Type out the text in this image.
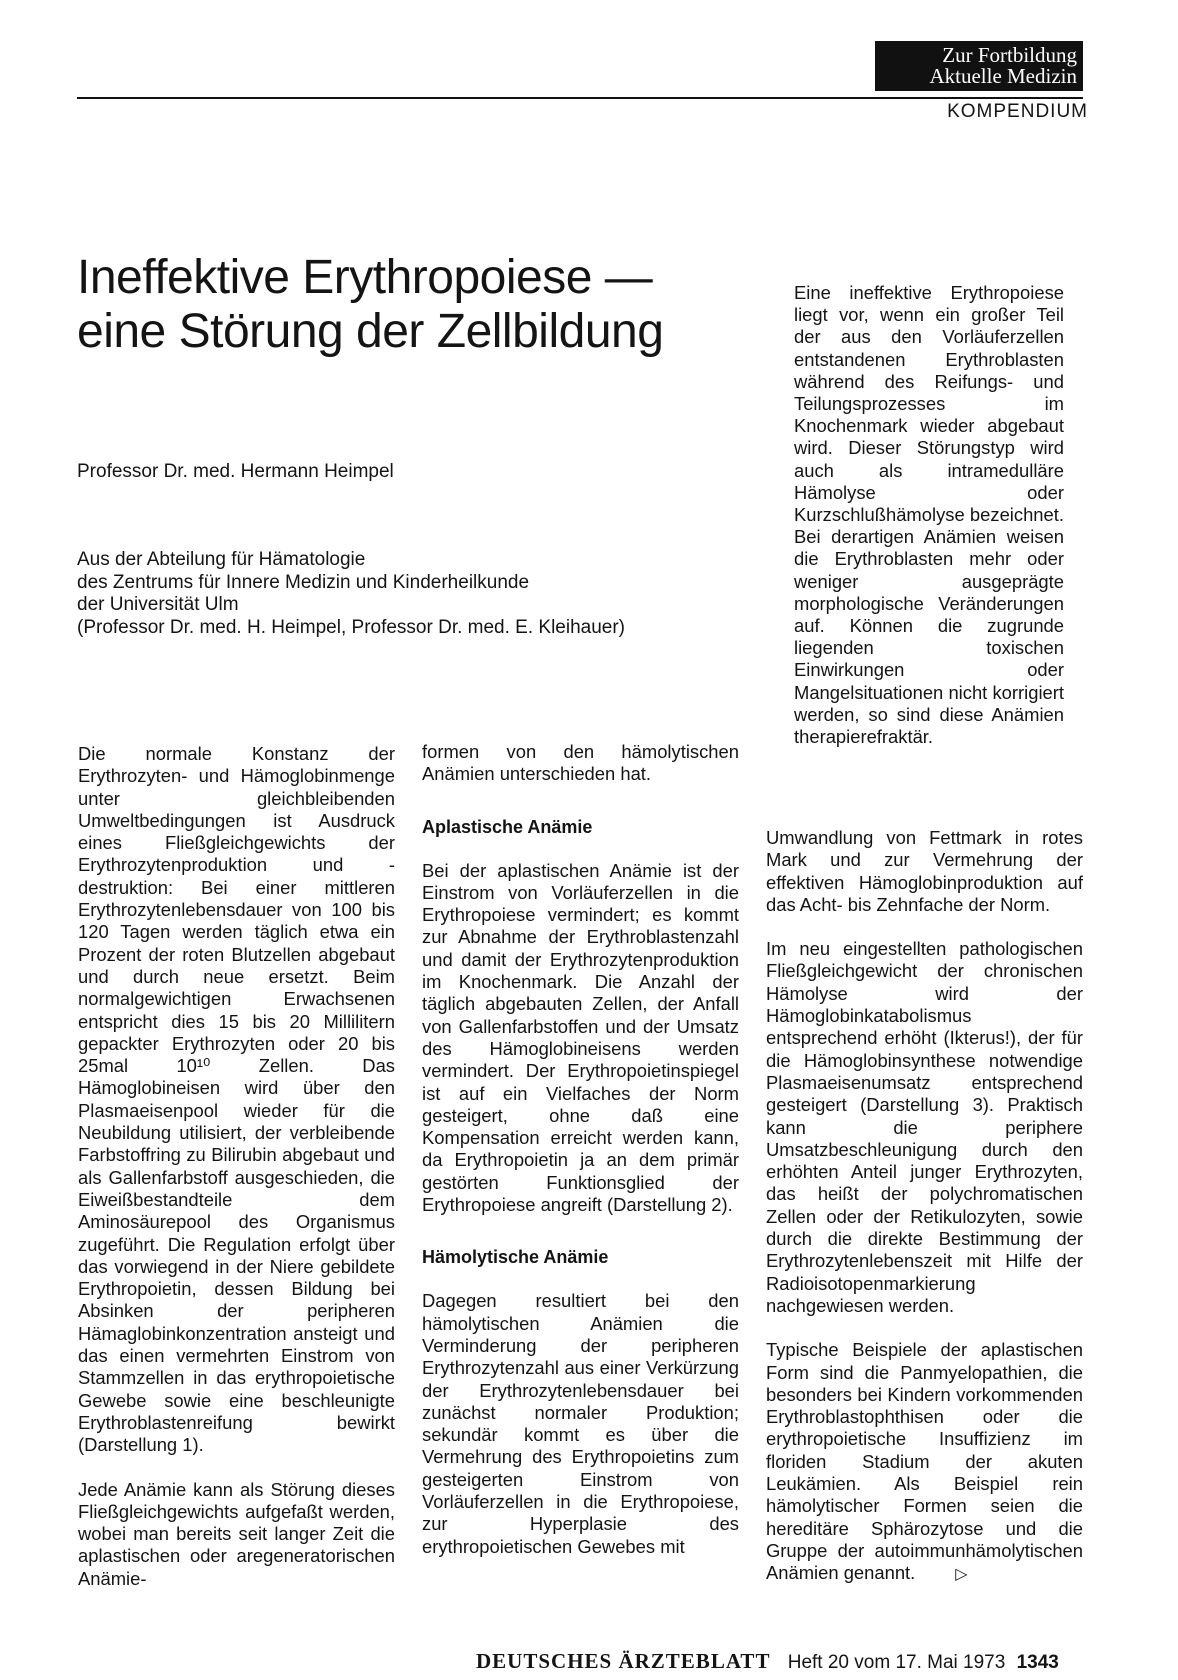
Zur Fortbildung
Aktuelle Medizin
KOMPENDIUM
Ineffektive Erythropoiese —
eine Störung der Zellbildung
Professor Dr. med. Hermann Heimpel
Aus der Abteilung für Hämatologie
des Zentrums für Innere Medizin und Kinderheilkunde
der Universität Ulm
(Professor Dr. med. H. Heimpel, Professor Dr. med. E. Kleihauer)
Eine ineffektive Erythropoiese liegt vor, wenn ein großer Teil der aus den Vorläuferzellen entstandenen Erythroblasten während des Reifungs- und Teilungsprozesses im Knochenmark wieder abgebaut wird. Dieser Störungstyp wird auch als intramedulläre Hämolyse oder Kurzschlußhämolyse bezeichnet. Bei derartigen Anämien weisen die Erythroblasten mehr oder weniger ausgeprägte morphologische Veränderungen auf. Können die zugrunde liegenden toxischen Einwirkungen oder Mangelsituationen nicht korrigiert werden, so sind diese Anämien therapierefraktär.

Die normale Konstanz der Erythrozyten- und Hämoglobinmenge unter gleichbleibenden Umweltbedingungen ist Ausdruck eines Fließgleichgewichts der Erythrozytenproduktion und -destruktion: Bei einer mittleren Erythrozytenlebensdauer von 100 bis 120 Tagen werden täglich etwa ein Prozent der roten Blutzellen abgebaut und durch neue ersetzt. Beim normalgewichtigen Erwachsenen entspricht dies 15 bis 20 Millilitern gepackter Erythrozyten oder 20 bis 25mal 10¹⁰ Zellen. Das Hämoglobineisen wird über den Plasmaeisenpool wieder für die Neubildung utilisiert, der verbleibende Farbstoffring zu Bilirubin abgebaut und als Gallenfarbstoff ausgeschieden, die Eiweißbestandteile dem Aminosäurepool des Organismus zugeführt. Die Regulation erfolgt über das vorwiegend in der Niere gebildete Erythropoietin, dessen Bildung bei Absinken der peripheren Hämaglobinkonzentration ansteigt und das einen vermehrten Einstrom von Stammzellen in das erythropoietische Gewebe sowie eine beschleunigte Erythroblastenreifung bewirkt (Darstellung 1).

Jede Anämie kann als Störung dieses Fließgleichgewichts aufgefaßt werden, wobei man bereits seit langer Zeit die aplastischen oder aregeneratorischen Anämie-

formen von den hämolytischen Anämien unterschieden hat.

Aplastische Anämie

Bei der aplastischen Anämie ist der Einstrom von Vorläuferzellen in die Erythropoiese vermindert; es kommt zur Abnahme der Erythroblastenzahl und damit der Erythrozytenproduktion im Knochenmark. Die Anzahl der täglich abgebauten Zellen, der Anfall von Gallenfarbstoffen und der Umsatz des Hämoglobineisens werden vermindert. Der Erythropoietinspiegel ist auf ein Vielfaches der Norm gesteigert, ohne daß eine Kompensation erreicht werden kann, da Erythropoietin ja an dem primär gestörten Funktionsglied der Erythropoiese angreift (Darstellung 2).

Hämolytische Anämie

Dagegen resultiert bei den hämolytischen Anämien die Verminderung der peripheren Erythrozytenzahl aus einer Verkürzung der Erythrozytenlebensdauer bei zunächst normaler Produktion; sekundär kommt es über die Vermehrung des Erythropoietins zum gesteigerten Einstrom von Vorläuferzellen in die Erythropoiese, zur Hyperplasie des erythropoietischen Gewebes mit

Umwandlung von Fettmark in rotes Mark und zur Vermehrung der effektiven Hämoglobinproduktion auf das Acht- bis Zehnfache der Norm.

Im neu eingestellten pathologischen Fließgleichgewicht der chronischen Hämolyse wird der Hämoglobinkatabolismus entsprechend erhöht (Ikterus!), der für die Hämoglobinsynthese notwendige Plasmaeisenumsatz entsprechend gesteigert (Darstellung 3). Praktisch kann die periphere Umsatzbeschleunigung durch den erhöhten Anteil junger Erythrozyten, das heißt der polychromatischen Zellen oder der Retikulozyten, sowie durch die direkte Bestimmung der Erythrozytenlebenszeit mit Hilfe der Radioisotopenmarkierung nachgewiesen werden.

Typische Beispiele der aplastischen Form sind die Panmyelopathien, die besonders bei Kindern vorkommenden Erythroblastophthisen oder die erythropoietische Insuffizienz im floriden Stadium der akuten Leukämien. Als Beispiel rein hämolytischer Formen seien die hereditäre Sphärozytose und die Gruppe der autoimmunhämolytischen Anämien genannt.	▷

DEUTSCHES ÄRZTEBLATT Heft 20 vom 17. Mai 1973 1343
